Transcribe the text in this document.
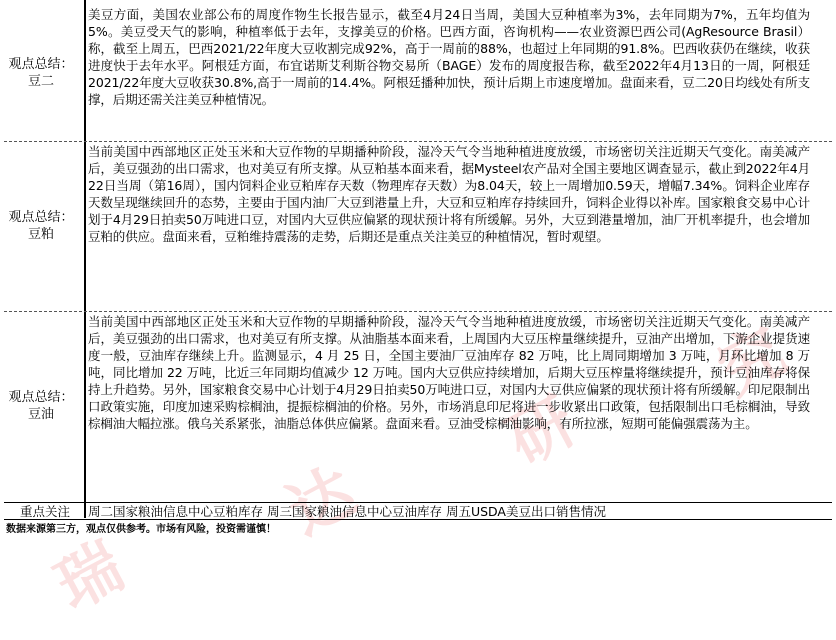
瑞
达
研
究
观点总结：
豆二
美豆方面，美国农业部公布的周度作物生长报告显示，截至4月24日当周，美国大豆种植率为3%，去年同期为7%，五年均值为5%。美豆受天气的影响，种植率低于去年，支撑美豆的价格。巴西方面，咨询机构——农业资源巴西公司(AgResource Brasil）称，截至上周五，巴西2021/22年度大豆收割完成92%，高于一周前的88%，也超过上年同期的91.8%。巴西收获仍在继续，收获进度快于去年水平。阿根廷方面，布宜诺斯艾利斯谷物交易所（BAGE）发布的周度报告称，截至2022年4月13日的一周，阿根廷2021/22年度大豆收获30.8%,高于一周前的14.4%。阿根廷播种加快，预计后期上市速度增加。盘面来看，豆二20日均线处有所支撑，后期还需关注美豆种植情况。
观点总结：
豆粕
当前美国中西部地区正处玉米和大豆作物的早期播种阶段，湿冷天气令当地种植进度放缓，市场密切关注近期天气变化。南美减产后，美豆强劲的出口需求，也对美豆有所支撑。从豆粕基本面来看，据Mysteel农产品对全国主要地区调查显示，截止到2022年4月22日当周（第16周），国内饲料企业豆粕库存天数（物理库存天数）为8.04天，较上一周增加0.59天，增幅7.34%。饲料企业库存天数呈现继续回升的态势，主要由于国内油厂大豆到港量上升，大豆和豆粕库存持续回升，饲料企业得以补库。国家粮食交易中心计划于4月29日拍卖50万吨进口豆，对国内大豆供应偏紧的现状预计将有所缓解。另外，大豆到港量增加，油厂开机率提升，也会增加豆粕的供应。盘面来看，豆粕维持震荡的走势，后期还是重点关注美豆的种植情况，暂时观望。
观点总结：
豆油
当前美国中西部地区正处玉米和大豆作物的早期播种阶段，湿冷天气令当地种植进度放缓，市场密切关注近期天气变化。南美减产后，美豆强劲的出口需求，也对美豆有所支撑。从油脂基本面来看，上周国内大豆压榨量继续提升，豆油产出增加，下游企业提货速度一般，豆油库存继续上升。监测显示，4 月 25 日，全国主要油厂豆油库存 82 万吨，比上周同期增加 3 万吨，月环比增加 8 万吨，同比增加 22 万吨，比近三年同期均值减少 12 万吨。国内大豆供应持续增加，后期大豆压榨量将继续提升，预计豆油库存将保持上升趋势。另外，国家粮食交易中心计划于4月29日拍卖50万吨进口豆，对国内大豆供应偏紧的现状预计将有所缓解。印尼限制出口政策实施，印度加速采购棕榈油，提振棕榈油的价格。另外，市场消息印尼将进一步收紧出口政策，包括限制出口毛棕榈油，导致棕榈油大幅拉涨。俄乌关系紧张，油脂总体供应偏紧。盘面来看。豆油受棕榈油影响，有所拉涨，短期可能偏强震荡为主。
重点关注	周二国家粮油信息中心豆粕库存 周三国家粮油信息中心豆油库存 周五USDA美豆出口销售情况
数据来源第三方，观点仅供参考。市场有风险，投资需谨慎！
